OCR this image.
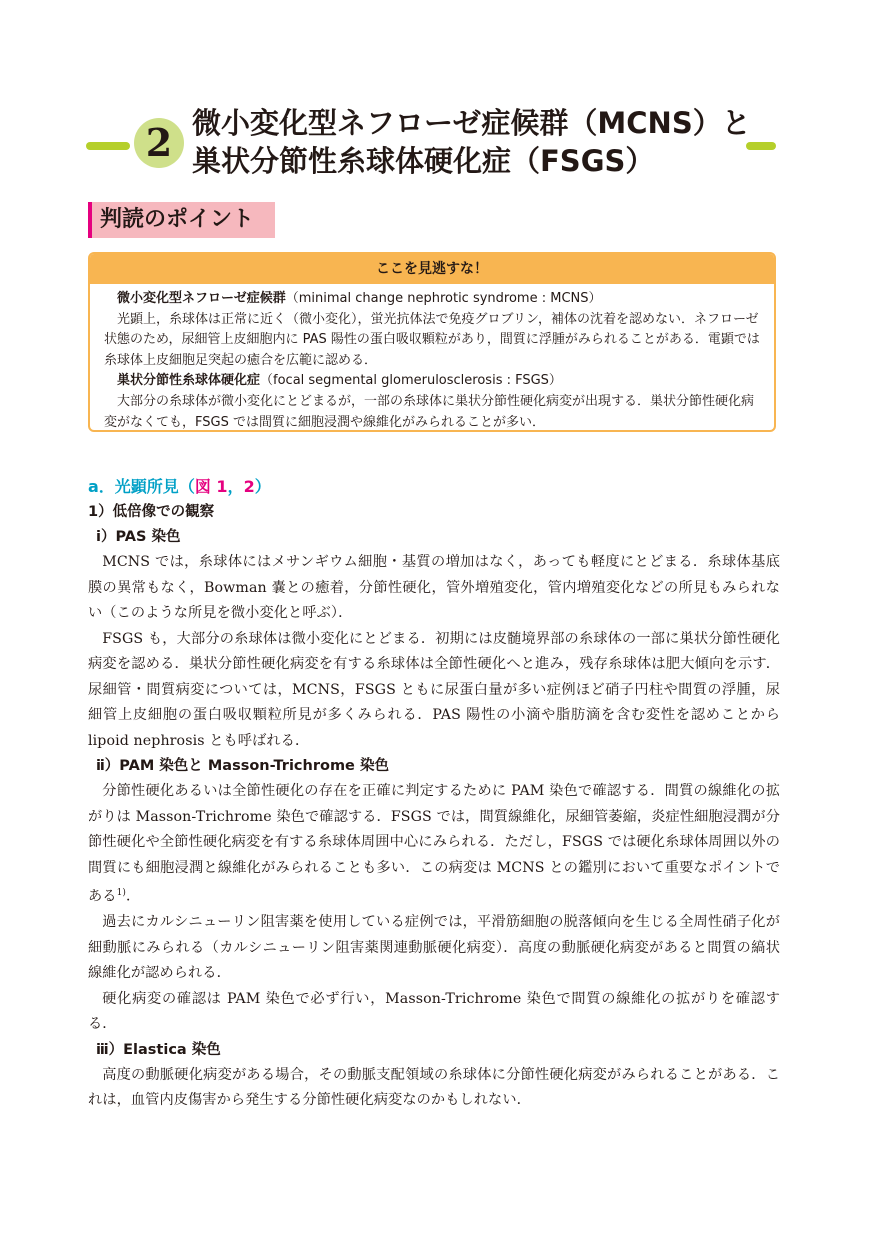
2 微小変化型ネフローゼ症候群（MCNS）と
巣状分節性糸球体硬化症（FSGS）
判読のポイント
ここを見逃すな！

微小変化型ネフローゼ症候群（minimal change nephrotic syndrome : MCNS）

光顕上，糸球体は正常に近く（微小変化），蛍光抗体法で免疫グロブリン，補体の沈着を認めない．ネフローゼ状態のため，尿細管上皮細胞内に PAS 陽性の蛋白吸収顆粒があり，間質に浮腫がみられることがある．電顕では糸球体上皮細胞足突起の癒合を広範に認める．

巣状分節性糸球体硬化症（focal segmental glomerulosclerosis : FSGS）

大部分の糸球体が微小変化にとどまるが，一部の糸球体に巣状分節性硬化病変が出現する．巣状分節性硬化病変がなくても，FSGS では間質に細胞浸潤や線維化がみられることが多い．

a．光顕所見（図 1，2）

1）低倍像での観察

ⅰ）PAS 染色

MCNS では，糸球体にはメサンギウム細胞・基質の増加はなく，あっても軽度にとどまる．糸球体基底膜の異常もなく，Bowman 嚢との癒着，分節性硬化，管外増殖変化，管内増殖変化などの所見もみられない（このような所見を微小変化と呼ぶ）．

FSGS も，大部分の糸球体は微小変化にとどまる．初期には皮髄境界部の糸球体の一部に巣状分節性硬化病変を認める．巣状分節性硬化病変を有する糸球体は全節性硬化へと進み，残存糸球体は肥大傾向を示す．尿細管・間質病変については，MCNS，FSGS ともに尿蛋白量が多い症例ほど硝子円柱や間質の浮腫，尿細管上皮細胞の蛋白吸収顆粒所見が多くみられる．PAS 陽性の小滴や脂肪滴を含む変性を認めことから lipoid nephrosis とも呼ばれる．

ⅱ）PAM 染色と Masson-Trichrome 染色

分節性硬化あるいは全節性硬化の存在を正確に判定するために PAM 染色で確認する．間質の線維化の拡がりは Masson-Trichrome 染色で確認する．FSGS では，間質線維化，尿細管萎縮，炎症性細胞浸潤が分節性硬化や全節性硬化病変を有する糸球体周囲中心にみられる．ただし，FSGS では硬化糸球体周囲以外の間質にも細胞浸潤と線維化がみられることも多い．この病変は MCNS との鑑別において重要なポイントである$^{1)}$．

過去にカルシニューリン阻害薬を使用している症例では，平滑筋細胞の脱落傾向を生じる全周性硝子化が細動脈にみられる（カルシニューリン阻害薬関連動脈硬化病変）．高度の動脈硬化病変があると間質の縞状線維化が認められる．

硬化病変の確認は PAM 染色で必ず行い，Masson-Trichrome 染色で間質の線維化の拡がりを確認する．

ⅲ）Elastica 染色

高度の動脈硬化病変がある場合，その動脈支配領域の糸球体に分節性硬化病変がみられることがある．これは，血管内皮傷害から発生する分節性硬化病変なのかもしれない．
